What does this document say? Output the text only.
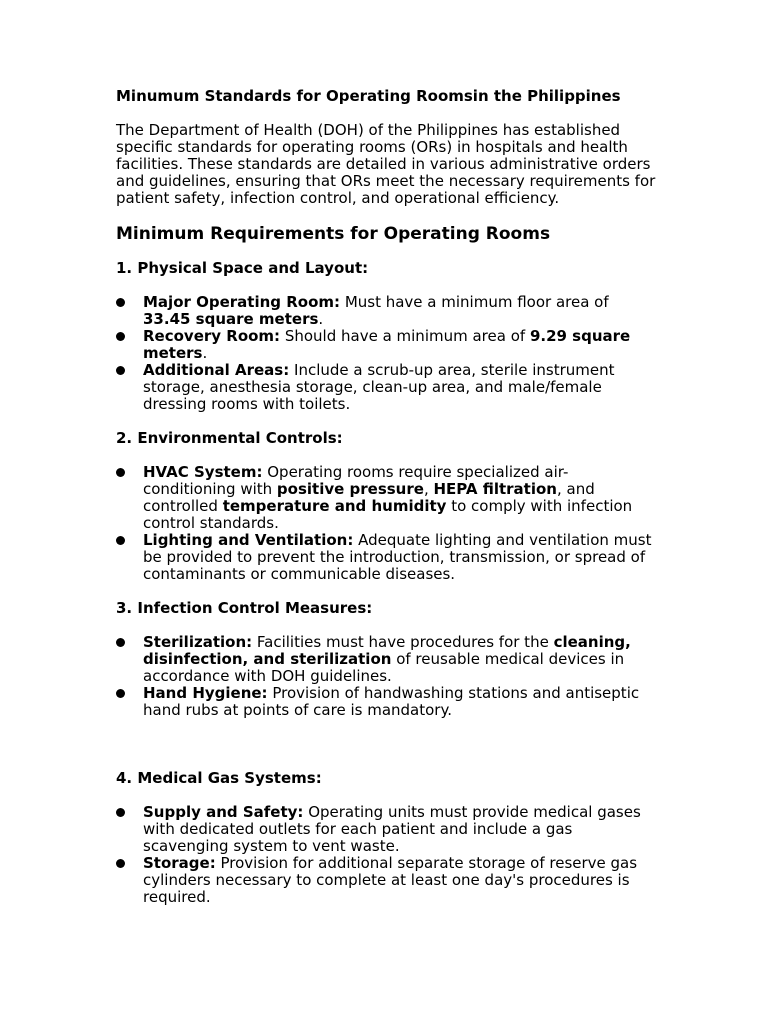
Minumum Standards for Operating Roomsin the Philippines
The Department of Health (DOH) of the Philippines has established specific standards for operating rooms (ORs) in hospitals and health facilities. These standards are detailed in various administrative orders and guidelines, ensuring that ORs meet the necessary requirements for patient safety, infection control, and operational efficiency.
Minimum Requirements for Operating Rooms
1. Physical Space and Layout:
Major Operating Room: Must have a minimum floor area of 33.45 square meters.
Recovery Room: Should have a minimum area of 9.29 square meters.
Additional Areas: Include a scrub-up area, sterile instrument storage, anesthesia storage, clean-up area, and male/female dressing rooms with toilets.
2. Environmental Controls:
HVAC System: Operating rooms require specialized air-conditioning with positive pressure, HEPA filtration, and controlled temperature and humidity to comply with infection control standards.
Lighting and Ventilation: Adequate lighting and ventilation must be provided to prevent the introduction, transmission, or spread of contaminants or communicable diseases.
3. Infection Control Measures:
Sterilization: Facilities must have procedures for the cleaning, disinfection, and sterilization of reusable medical devices in accordance with DOH guidelines.
Hand Hygiene: Provision of handwashing stations and antiseptic hand rubs at points of care is mandatory.
4. Medical Gas Systems:
Supply and Safety: Operating units must provide medical gases with dedicated outlets for each patient and include a gas scavenging system to vent waste.
Storage: Provision for additional separate storage of reserve gas cylinders necessary to complete at least one day's procedures is required.
